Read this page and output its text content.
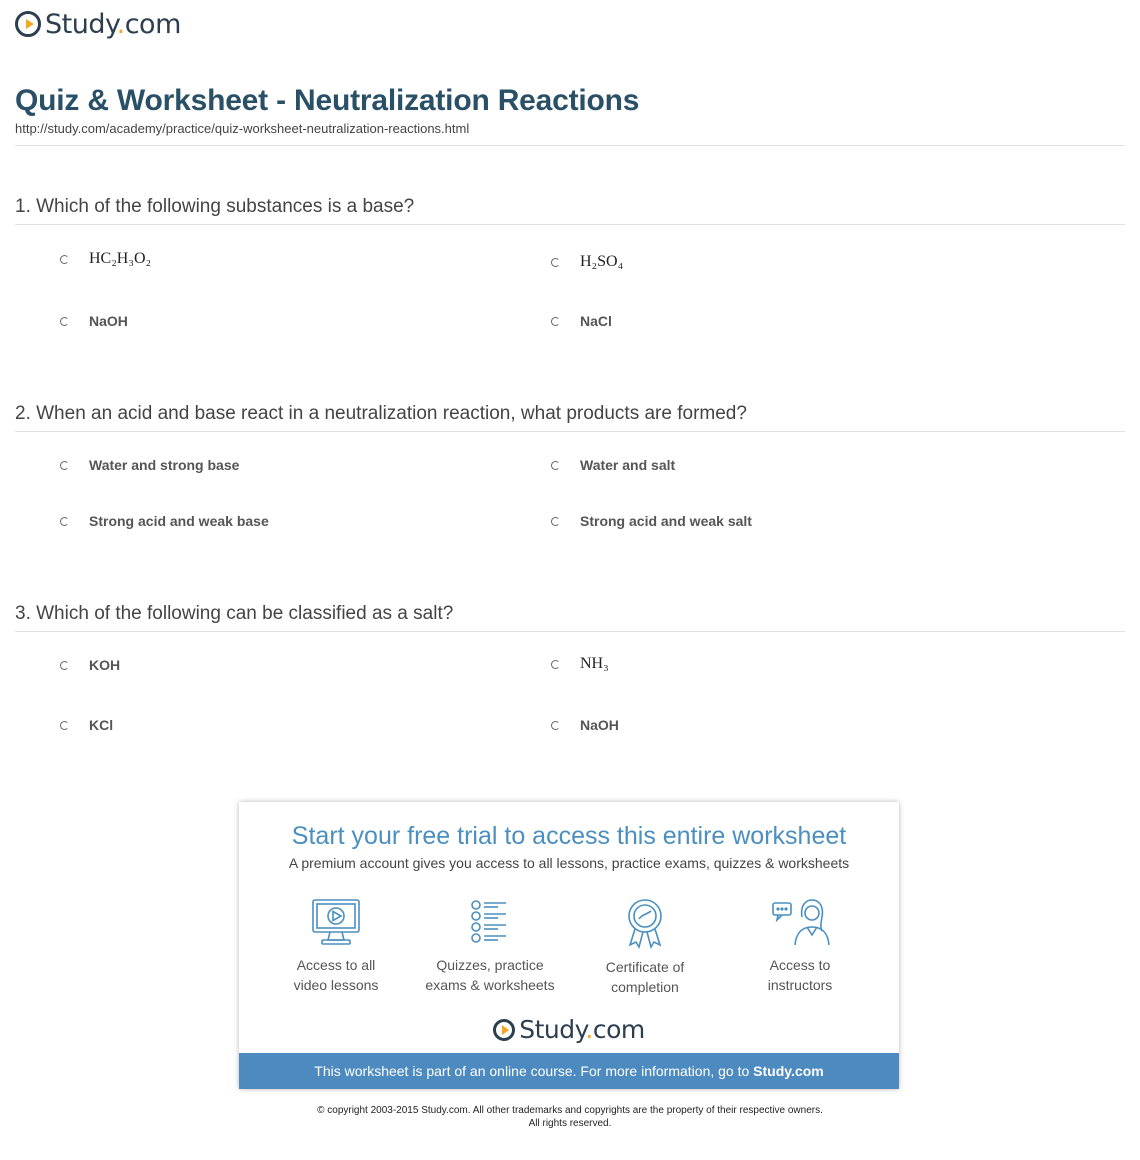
Study.com
Quiz & Worksheet - Neutralization Reactions
http://study.com/academy/practice/quiz-worksheet-neutralization-reactions.html
1. Which of the following substances is a base?
HC₂H₃O₂	H₂SO₄
NaOH	NaCl
2. When an acid and base react in a neutralization reaction, what products are formed?
Water and strong base	Water and salt
Strong acid and weak base	Strong acid and weak salt
3. Which of the following can be classified as a salt?
KOH	NH₃
KCl	NaOH
Start your free trial to access this entire worksheet
A premium account gives you access to all lessons, practice exams, quizzes & worksheets
Access to all
video lessons
Quizzes, practice
exams & worksheets
Certificate of
completion
Access to
instructors
Study.com
This worksheet is part of an online course. For more information, go to Study.com
© copyright 2003-2015 Study.com. All other trademarks and copyrights are the property of their respective owners.
All rights reserved.
